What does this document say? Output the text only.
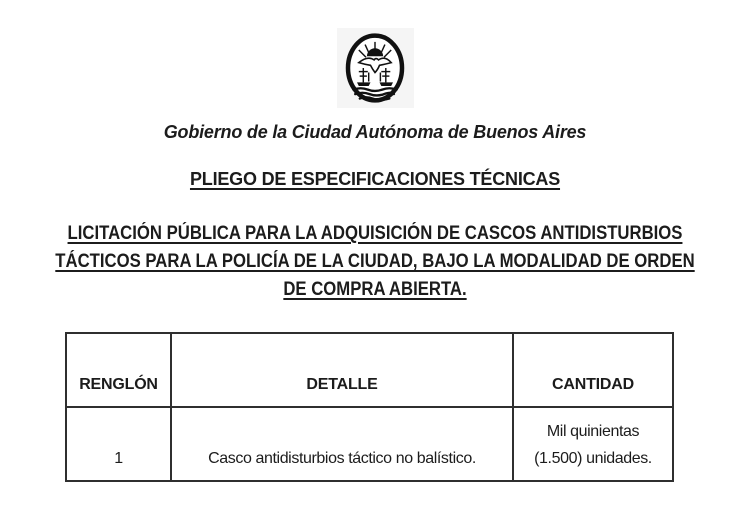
Gobierno de la Ciudad Autónoma de Buenos Aires
PLIEGO DE ESPECIFICACIONES TÉCNICAS
LICITACIÓN PÚBLICA PARA LA ADQUISICIÓN DE CASCOS ANTIDISTURBIOS
TÁCTICOS PARA LA POLICÍA DE LA CIUDAD, BAJO LA MODALIDAD DE ORDEN
DE COMPRA ABIERTA.
RENGLÓN	DETALLE	CANTIDAD
1	Casco antidisturbios táctico no balístico.	Mil quinientas
(1.500) unidades.
